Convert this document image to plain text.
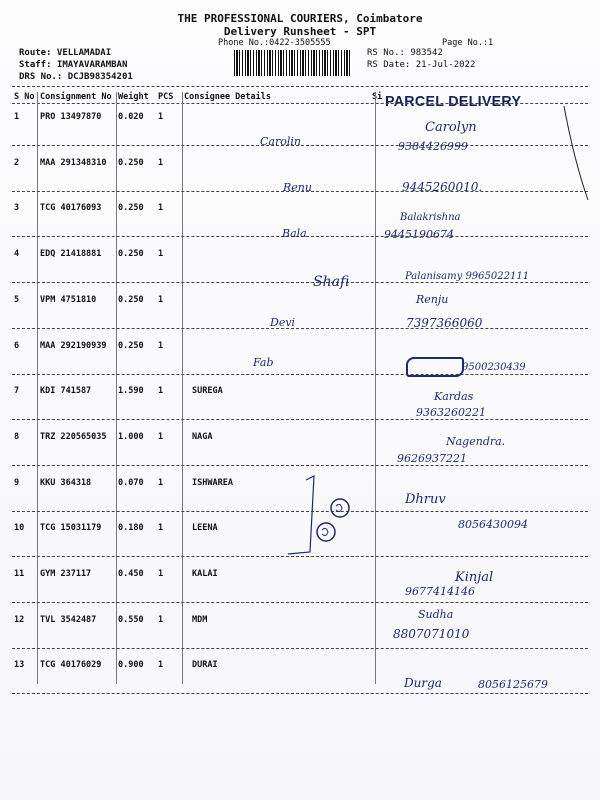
THE PROFESSIONAL COURIERS, Coimbatore
Delivery Runsheet - SPT
Phone No.:0422-3505555	Page No.:1
Route: VELLAMADAI
Staff: IMAYAVARAMBAN
DRS No.: DCJB98354201
RS No.: 983542
RS Date: 21-Jul-2022
S No Consignment No Weight PCS Consignee Details	Si PARCEL DELIVERY
1 PRO 13497870 0.020 1
2 MAA 291348310 0.250 1
3 TCG 40176093 0.250 1
4 EDQ 21418881 0.250 1
5 VPM 4751810	0.250 1
6 MAA 292190939 0.250 1
7 KDI 741587	1.590 1	SUREGA
8 TRZ 220565035 1.000 1	NAGA
9 KKU 364318	0.070 1	ISHWAREA
10 TCG 15031179 0.180 1	LEENA
11 GYM 237117	0.450 1	KALAI
12 TVL 3542487	0.550 1	MDM
13 TCG 40176029 0.900 1	DURAI
Carolin
Carolyn
9384426999
Renu	9445260010.
Balakrishna
9445190674
Bala
Shafi	Palanisamy 9965022111
Renju
7397366060
Devi
Fab	9500230439
Kardas
9363260221
Nagendra.
9626937221
Dhruv
8056430094
Kinjal
9677414146
Sudha
8807071010
Durga	8056125679
